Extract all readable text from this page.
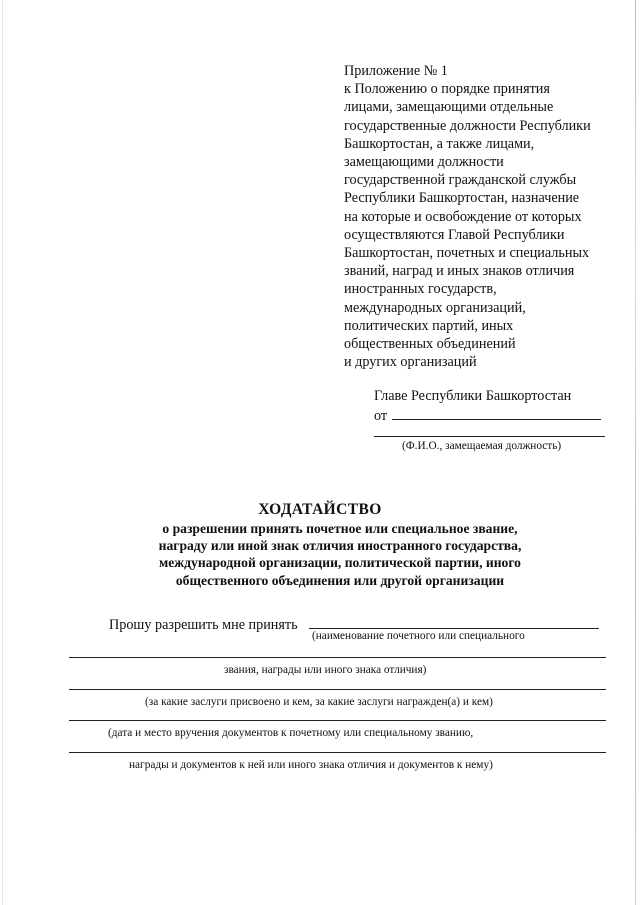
Приложение № 1
к Положению о порядке принятия
лицами, замещающими отдельные
государственные должности Республики
Башкортостан, а также лицами,
замещающими должности
государственной гражданской службы
Республики Башкортостан, назначение
на которые и освобождение от которых
осуществляются Главой Республики
Башкортостан, почетных и специальных
званий, наград и иных знаков отличия
иностранных государств,
международных организаций,
политических партий, иных
общественных объединений
и других организаций
Главе Республики Башкортостан
от
(Ф.И.О., замещаемая должность)
ХОДАТАЙСТВО
о разрешении принять почетное или специальное звание,
награду или иной знак отличия иностранного государства,
международной организации, политической партии, иного
общественного объединения или другой организации
Прошу разрешить мне принять
(наименование почетного или специального
звания, награды или иного знака отличия)
(за какие заслуги присвоено и кем, за какие заслуги награжден(а) и кем)
(дата и место вручения документов к почетному или специальному званию,
награды и документов к ней или иного знака отличия и документов к нему)
